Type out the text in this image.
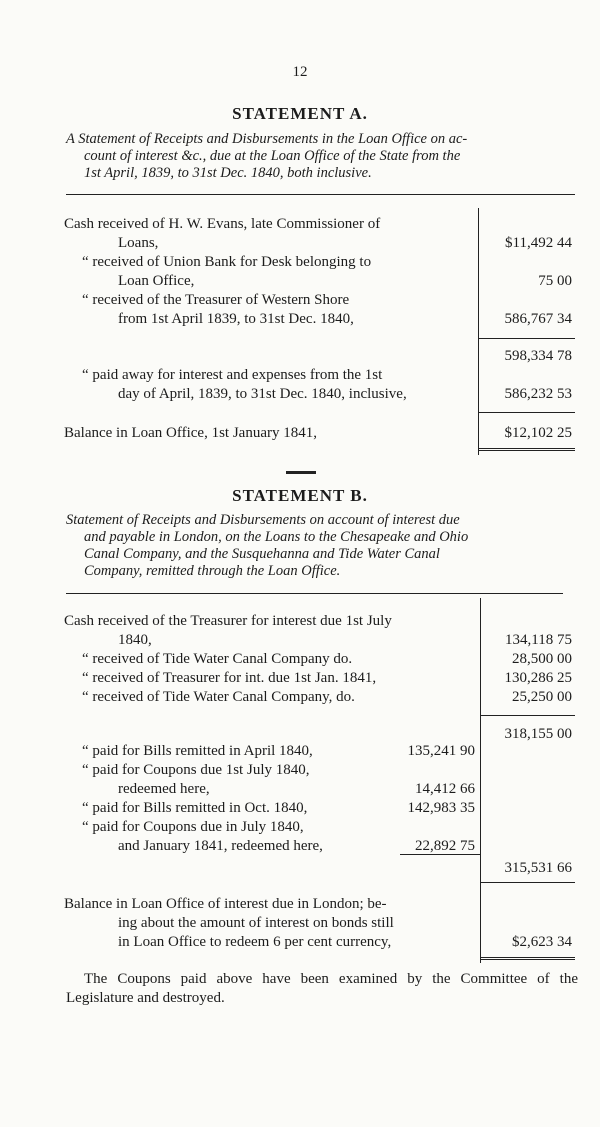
12
STATEMENT A.
A Statement of Receipts and Disbursements in the Loan Office on ac-
count of interest &c., due at the Loan Office of the State from the
1st April, 1839, to 31st Dec. 1840, both inclusive.
Cash received of H. W. Evans, late Commissioner of
Loans,	$11,492 44
“ received of Union Bank for Desk belonging to
Loan Office,	75 00
“ received of the Treasurer of Western Shore
from 1st April 1839, to 31st Dec. 1840,	586,767 34
598,334 78
“ paid away for interest and expenses from the 1st
day of April, 1839, to 31st Dec. 1840, inclusive,	586,232 53
Balance in Loan Office, 1st January 1841,	$12,102 25
STATEMENT B.
Statement of Receipts and Disbursements on account of interest due
and payable in London, on the Loans to the Chesapeake and Ohio
Canal Company, and the Susquehanna and Tide Water Canal
Company, remitted through the Loan Office.
Cash received of the Treasurer for interest due 1st July
1840,	134,118 75
“ received of Tide Water Canal Company do.	28,500 00
“ received of Treasurer for int. due 1st Jan. 1841,	130,286 25
“ received of Tide Water Canal Company, do.	25,250 00
318,155 00
“ paid for Bills remitted in April 1840,	135,241 90
“ paid for Coupons due 1st July 1840,
redeemed here,	14,412 66
“ paid for Bills remitted in Oct. 1840,	142,983 35
“ paid for Coupons due in July 1840,
and January 1841, redeemed here,	22,892 75
315,531 66
Balance in Loan Office of interest due in London; be-
ing about the amount of interest on bonds still
in Loan Office to redeem 6 per cent currency,	$2,623 34
The Coupons paid above have been examined by the Committee of the Legislature and destroyed.
